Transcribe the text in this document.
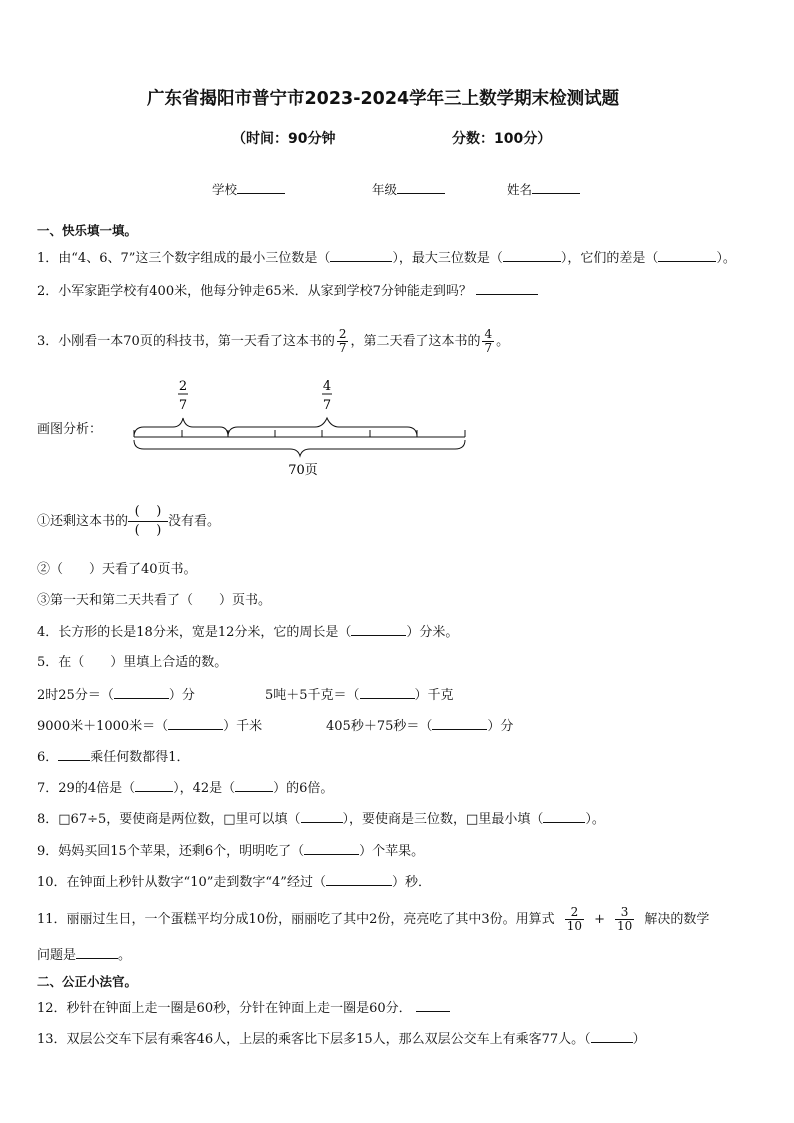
广东省揭阳市普宁市2023-2024学年三上数学期末检测试题
（时间：90分钟	分数：100分）
学校	年级	姓名
一、快乐填一填。
1．由“4、6、7”这三个数字组成的最小三位数是（	），最大三位数是（	），它们的差是（	）。
2．小军家距学校有400米，他每分钟走65米．从家到学校7分钟能走到吗？
3．小刚看一本70页的科技书，第一天看了这本书的 $\frac{2}{7}$ ，第二天看了这本书的 $\frac{4}{7}$ 。
画图分析：
2
7
4
7
70页
①还剩这本书的
( )
( )
没有看。
②（　　）天看了40页书。
③第一天和第二天共看了（　　）页书。
4．长方形的长是18分米，宽是12分米，它的周长是（	）分米。
5．在（　　）里填上合适的数。
2时25分＝（	）分	5吨＋5千克＝（	）千克
9000米＋1000米＝（	）千米	405秒＋75秒＝（	）分
6． 乘任何数都得1．
7．29的4倍是（	），42是（	）的6倍。
8．□67÷5，要使商是两位数，□里可以填（	），要使商是三位数，□里最小填（	）。
9．妈妈买回15个苹果，还剩6个，明明吃了（	）个苹果。
10．在钟面上秒针从数字“10”走到数字“4”经过（	）秒．
11．丽丽过生日，一个蛋糕平均分成10份，丽丽吃了其中2份，亮亮吃了其中3份。用算式 $\frac{2}{10} + \frac{3}{10}$ 解决的数学
问题是	。
二、公正小法官。
12．秒针在钟面上走一圈是60秒，分针在钟面上走一圈是60分．
13．双层公交车下层有乘客46人，上层的乘客比下层多15人，那么双层公交车上有乘客77人。（	）
